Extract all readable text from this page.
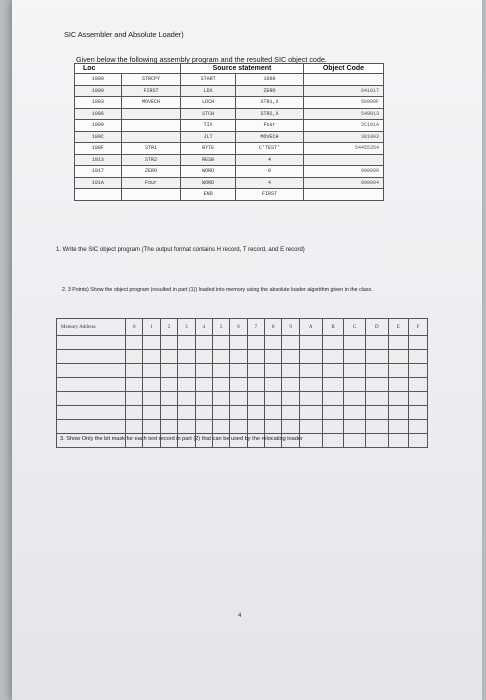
SIC Assembler and Absolute Loader)
Given below the following assembly program and the resulted SIC object code.
Loc		Source statement		Object Code
1000	STRCPY	START	1000	
1000	FIRST	LDX	ZERO	041017
1003	MOVECH	LDCH	STR1,X	50900F
1006		STCH	STR2,X	549013
1009		TIX	Four	2C101A
100C		JLT	MOVECH	381003
100F	STR1	BYTE	C'TEST'	54455354
1013	STR2	RESB	4	
1017	ZERO	WORD	0	000000
101A	Four	WORD	4	000004
		END	FIRST	
1. Write the SIC object program (The output format contains H record, T record, and E record)
2. 3 Points) Show the object program (resulted in part (1)) loaded into memory using the absolute loader algorithm given in the class.
Memory Address	0	1	2	3	4	5	6	7	8	9	A	B	C	D	E	F

3. Show Only the bit mask for each text record in part (2) that can be used by the relocating loader
4
